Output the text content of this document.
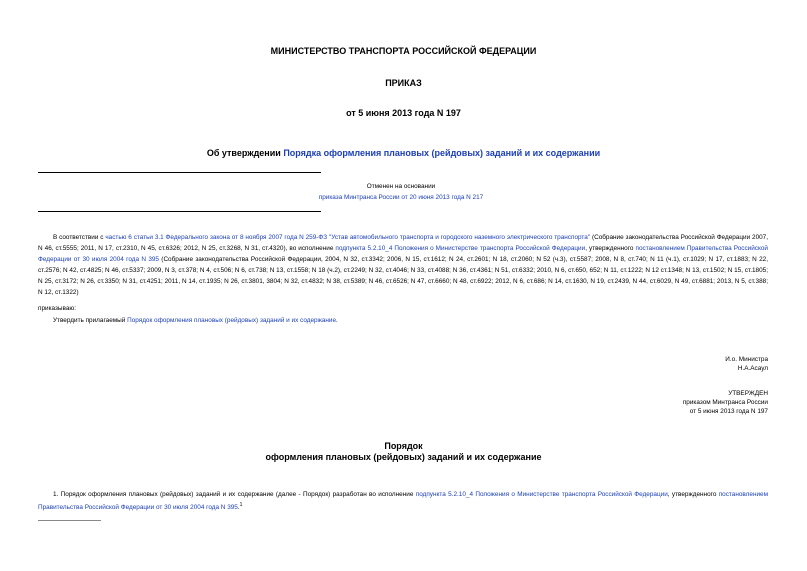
МИНИСТЕРСТВО ТРАНСПОРТА РОССИЙСКОЙ ФЕДЕРАЦИИ
ПРИКАЗ
от 5 июня 2013 года N 197
Об утверждении Порядка оформления плановых (рейдовых) заданий и их содержании
Отменен на основании
приказа Минтранса России от 20 июня 2013 года N 217
В соответствии с частью 6 статьи 3.1 Федерального закона от 8 ноября 2007 года N 259-ФЗ "Устав автомобильного транспорта и городского наземного электрического транспорта" (Собрание законодательства Российской Федерации 2007, N 46, ст.5555; 2011, N 17, ст.2310, N 45, ст.6326; 2012, N 25, ст.3268, N 31, ст.4320), во исполнение подпункта 5.2.10_4 Положения о Министерстве транспорта Российской Федерации, утвержденного постановлением Правительства Российской Федерации от 30 июля 2004 года N 395 (Собрание законодательства Российской Федерации, 2004, N 32, ст.3342; 2006, N 15, ст.1612; N 24, ст.2601; N 18, ст.2060; N 52 (ч.3), ст.5587; 2008, N 8, ст.740; N 11 (ч.1), ст.1029; N 17, ст.1883; N 22, ст.2576; N 42, ст.4825; N 46, ст.5337; 2009, N 3, ст.378; N 4, ст.506; N 6, ст.738; N 13, ст.1558; N 18 (ч.2), ст.2249; N 32, ст.4046; N 33, ст.4088; N 36, ст.4361; N 51, ст.6332; 2010, N 6, ст.650, 652; N 11, ст.1222; N 12 ст.1348; N 13, ст.1502; N 15, ст.1805; N 25, ст.3172; N 26, ст.3350; N 31, ст.4251; 2011, N 14, ст.1935; N 26, ст.3801, 3804; N 32, ст.4832; N 38, ст.5389; N 46, ст.6526; N 47, ст.6660; N 48, ст.6922; 2012, N 6, ст.686; N 14, ст.1630, N 19, ст.2439, N 44, ст.6029, N 49, ст.6881; 2013, N 5, ст.388; N 12, ст.1322)
приказываю:
Утвердить прилагаемый Порядок оформления плановых (рейдовых) заданий и их содержание.
И.о. Министра
Н.А.Асаул
УТВЕРЖДЕН
приказом Минтранса России
от 5 июня 2013 года N 197
Порядок
оформления плановых (рейдовых) заданий и их содержание
1. Порядок оформления плановых (рейдовых) заданий и их содержание (далее - Порядок) разработан во исполнение подпункта 5.2.10_4 Положения о Министерстве транспорта Российской Федерации, утвержденного постановлением Правительства Российской Федерации от 30 июля 2004 года N 395.$^1$
